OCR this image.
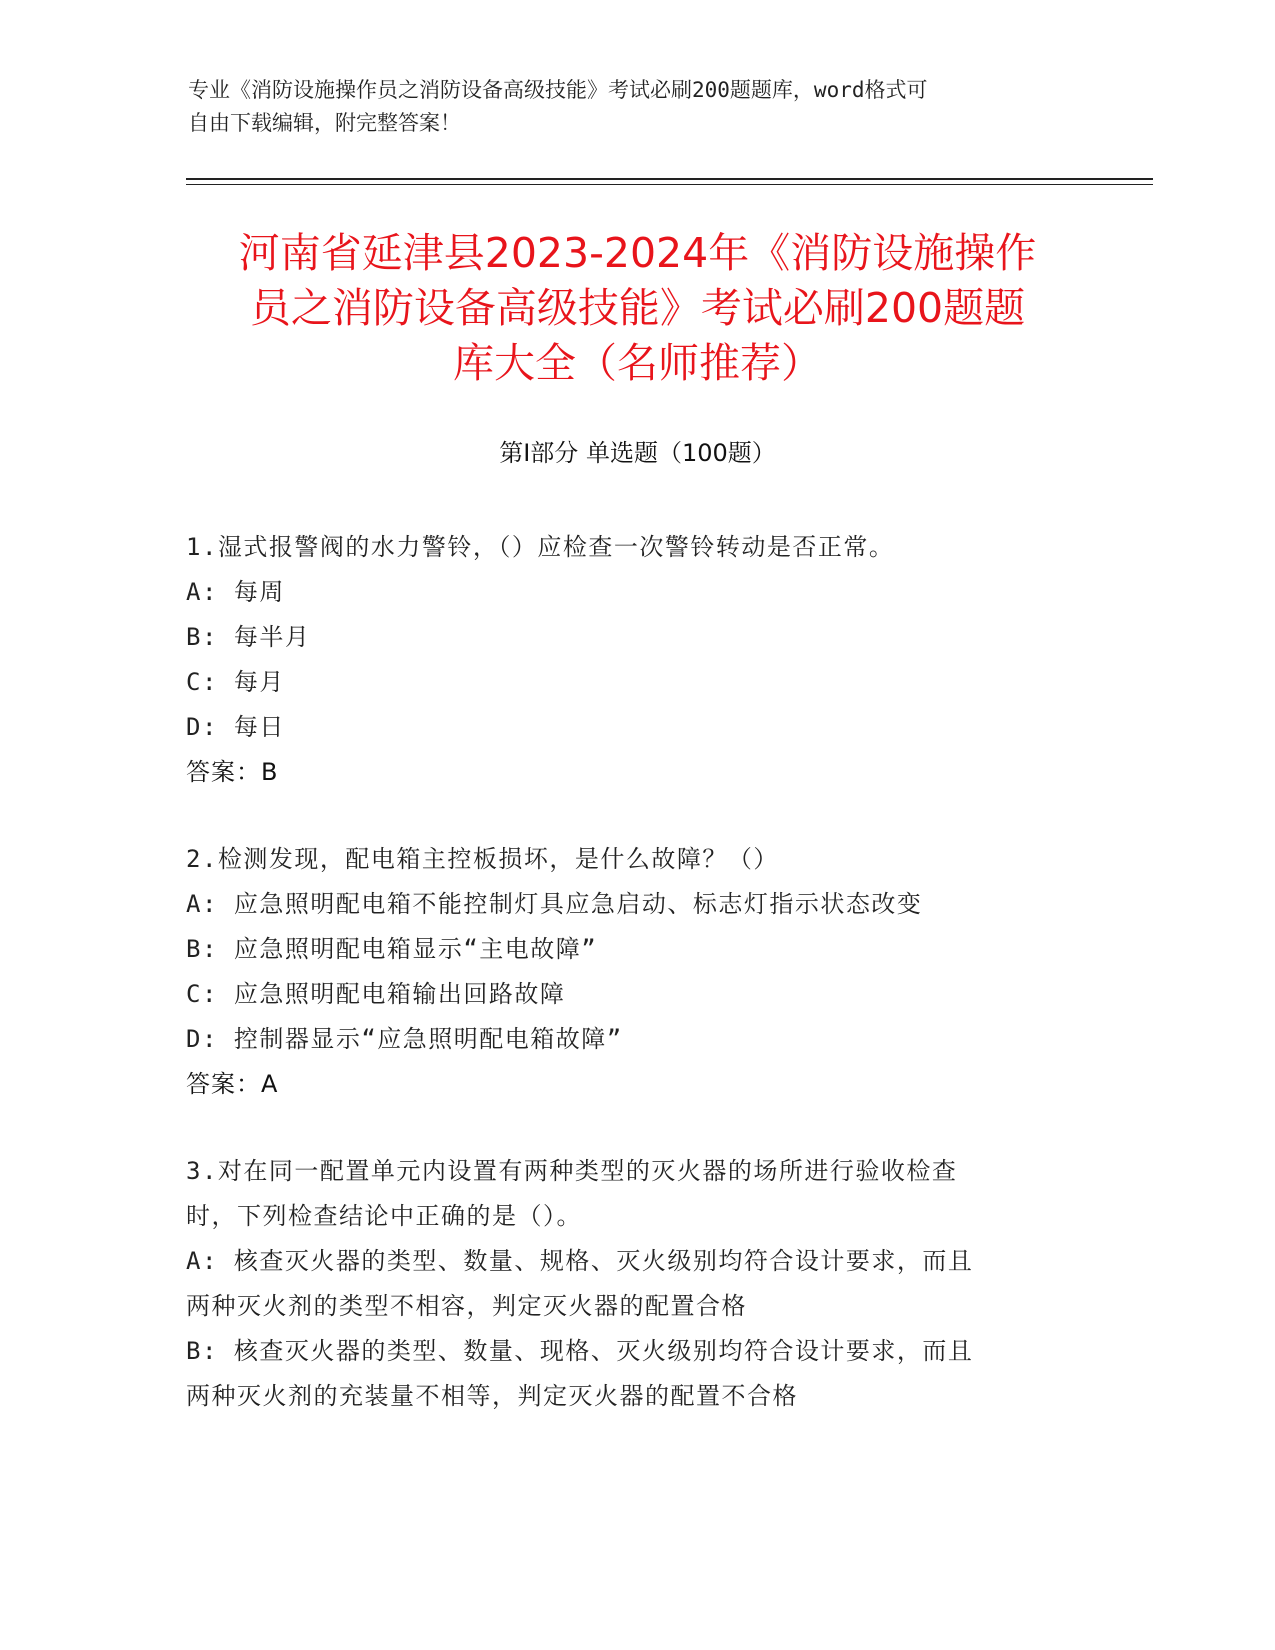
专业《消防设施操作员之消防设备高级技能》考试必刷200题题库，word格式可
自由下载编辑，附完整答案！
河南省延津县2023-2024年《消防设施操作
员之消防设备高级技能》考试必刷200题题
库大全（名师推荐）
第Ⅰ部分 单选题（100题）
1.湿式报警阀的水力警铃，（）应检查一次警铃转动是否正常。
A: 每周
B: 每半月
C: 每月
D: 每日
答案：B
2.检测发现，配电箱主控板损坏，是什么故障？（）
A: 应急照明配电箱不能控制灯具应急启动、标志灯指示状态改变
B: 应急照明配电箱显示“主电故障”
C: 应急照明配电箱输出回路故障
D: 控制器显示“应急照明配电箱故障”
答案：A
3.对在同一配置单元内设置有两种类型的灭火器的场所进行验收检查
时，下列检查结论中正确的是（）。
A: 核查灭火器的类型、数量、规格、灭火级别均符合设计要求，而且
两种灭火剂的类型不相容，判定灭火器的配置合格
B: 核查灭火器的类型、数量、现格、灭火级别均符合设计要求，而且
两种灭火剂的充装量不相等，判定灭火器的配置不合格
